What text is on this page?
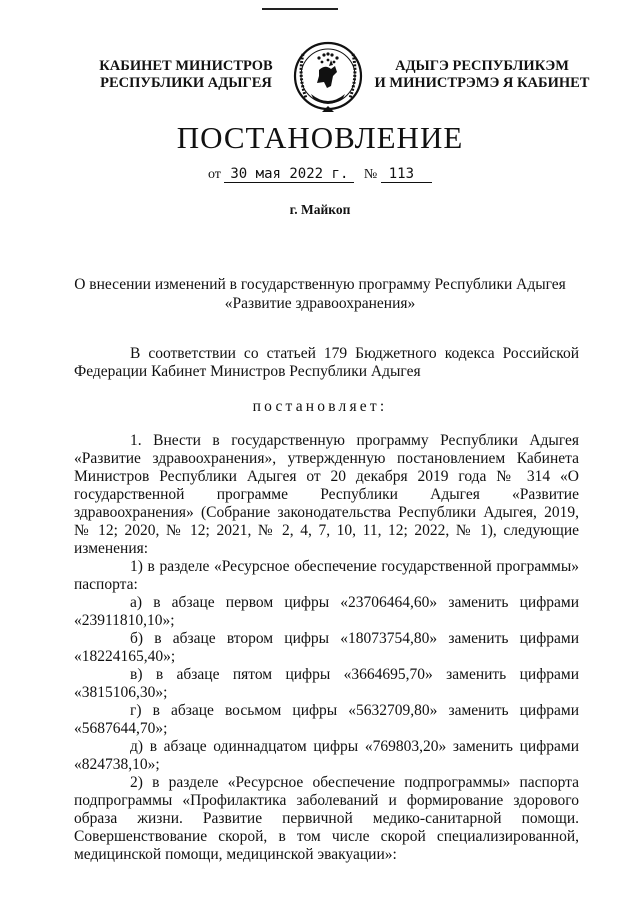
КАБИНЕТ МИНИСТРОВ
РЕСПУБЛИКИ АДЫГЕЯ
АДЫГЭ РЕСПУБЛИКЭМ
И МИНИСТРЭМЭ Я КАБИНЕТ
ПОСТАНОВЛЕНИЕ
от 30 мая 2022 г. № 113
г. Майкоп
О внесении изменений в государственную программу Республики Адыгея «Развитие здравоохранения»
В соответствии со статьей 179 Бюджетного кодекса Российской Федерации Кабинет Министров Республики Адыгея
постановляет:

1. Внести в государственную программу Республики Адыгея «Развитие здравоохранения», утвержденную постановлением Кабинета Министров Республики Адыгея от 20 декабря 2019 года № 314 «О государственной программе Республики Адыгея «Развитие здравоохранения» (Собрание законодательства Республики Адыгея, 2019, № 12; 2020, № 12; 2021, № 2, 4, 7, 10, 11, 12; 2022, № 1), следующие изменения:

1) в разделе «Ресурсное обеспечение государственной программы» паспорта:

а) в абзаце первом цифры «23706464,60» заменить цифрами «23911810,10»;

б) в абзаце втором цифры «18073754,80» заменить цифрами «18224165,40»;

в) в абзаце пятом цифры «3664695,70» заменить цифрами «3815106,30»;

г) в абзаце восьмом цифры «5632709,80» заменить цифрами «5687644,70»;

д) в абзаце одиннадцатом цифры «769803,20» заменить цифрами «824738,10»;

2) в разделе «Ресурсное обеспечение подпрограммы» паспорта подпрограммы «Профилактика заболеваний и формирование здорового образа жизни. Развитие первичной медико-санитарной помощи. Совершенствование скорой, в том числе скорой специализированной, медицинской помощи, медицинской эвакуации»:
